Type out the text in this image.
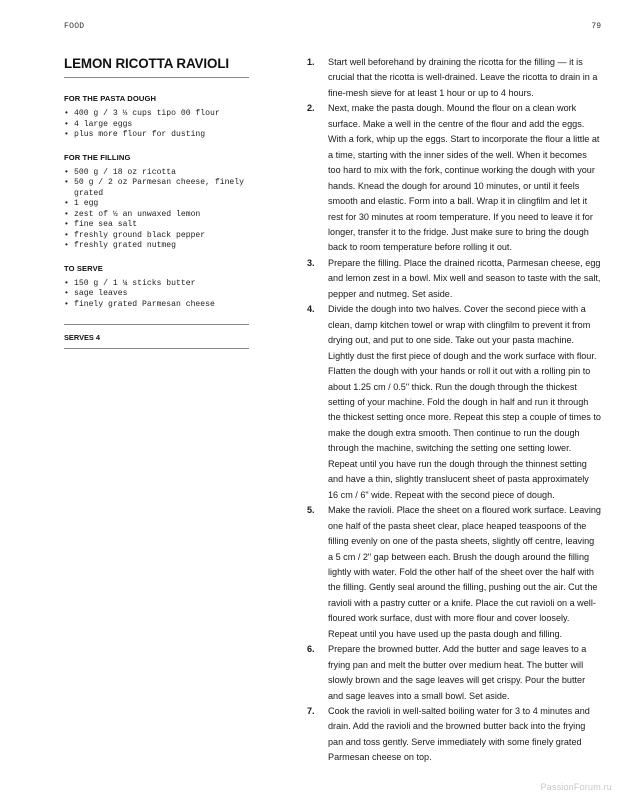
FOOD	79
LEMON RICOTTA RAVIOLI
FOR THE PASTA DOUGH
• 400 g / 3 ⅓ cups tipo 00 flour
• 4 large eggs
• plus more flour for dusting
FOR THE FILLING
• 500 g / 18 oz ricotta
• 50 g / 2 oz Parmesan cheese, finely grated
• 1 egg
• zest of ½ an unwaxed lemon
• fine sea salt
• freshly ground black pepper
• freshly grated nutmeg
TO SERVE
• 150 g / 1 ¼ sticks butter
• sage leaves
• finely grated Parmesan cheese
SERVES 4
1. Start well beforehand by draining the ricotta for the filling — it is crucial that the ricotta is well-drained. Leave the ricotta to drain in a fine-mesh sieve for at least 1 hour or up to 4 hours.
2. Next, make the pasta dough. Mound the flour on a clean work surface. Make a well in the centre of the flour and add the eggs. With a fork, whip up the eggs. Start to incorporate the flour a little at a time, starting with the inner sides of the well. When it becomes too hard to mix with the fork, continue working the dough with your hands. Knead the dough for around 10 minutes, or until it feels smooth and elastic. Form into a ball. Wrap it in clingfilm and let it rest for 30 minutes at room temperature. If you need to leave it for longer, transfer it to the fridge. Just make sure to bring the dough back to room temperature before rolling it out.
3. Prepare the filling. Place the drained ricotta, Parmesan cheese, egg and lemon zest in a bowl. Mix well and season to taste with the salt, pepper and nutmeg. Set aside.
4. Divide the dough into two halves. Cover the second piece with a clean, damp kitchen towel or wrap with clingfilm to prevent it from drying out, and put to one side. Take out your pasta machine. Lightly dust the first piece of dough and the work surface with flour. Flatten the dough with your hands or roll it out with a rolling pin to about 1.25 cm / 0.5" thick. Run the dough through the thickest setting of your machine. Fold the dough in half and run it through the thickest setting once more. Repeat this step a couple of times to make the dough extra smooth. Then continue to run the dough through the machine, switching the setting one setting lower. Repeat until you have run the dough through the thinnest setting and have a thin, slightly translucent sheet of pasta approximately 16 cm / 6" wide. Repeat with the second piece of dough.
5. Make the ravioli. Place the sheet on a floured work surface. Leaving one half of the pasta sheet clear, place heaped teaspoons of the filling evenly on one of the pasta sheets, slightly off centre, leaving a 5 cm / 2" gap between each. Brush the dough around the filling lightly with water. Fold the other half of the sheet over the half with the filling. Gently seal around the filling, pushing out the air. Cut the ravioli with a pastry cutter or a knife. Place the cut ravioli on a well-floured work surface, dust with more flour and cover loosely. Repeat until you have used up the pasta dough and filling.
6. Prepare the browned butter. Add the butter and sage leaves to a frying pan and melt the butter over medium heat. The butter will slowly brown and the sage leaves will get crispy. Pour the butter and sage leaves into a small bowl. Set aside.
7. Cook the ravioli in well-salted boiling water for 3 to 4 minutes and drain. Add the ravioli and the browned butter back into the frying pan and toss gently. Serve immediately with some finely grated Parmesan cheese on top.
PassionForum.ru
